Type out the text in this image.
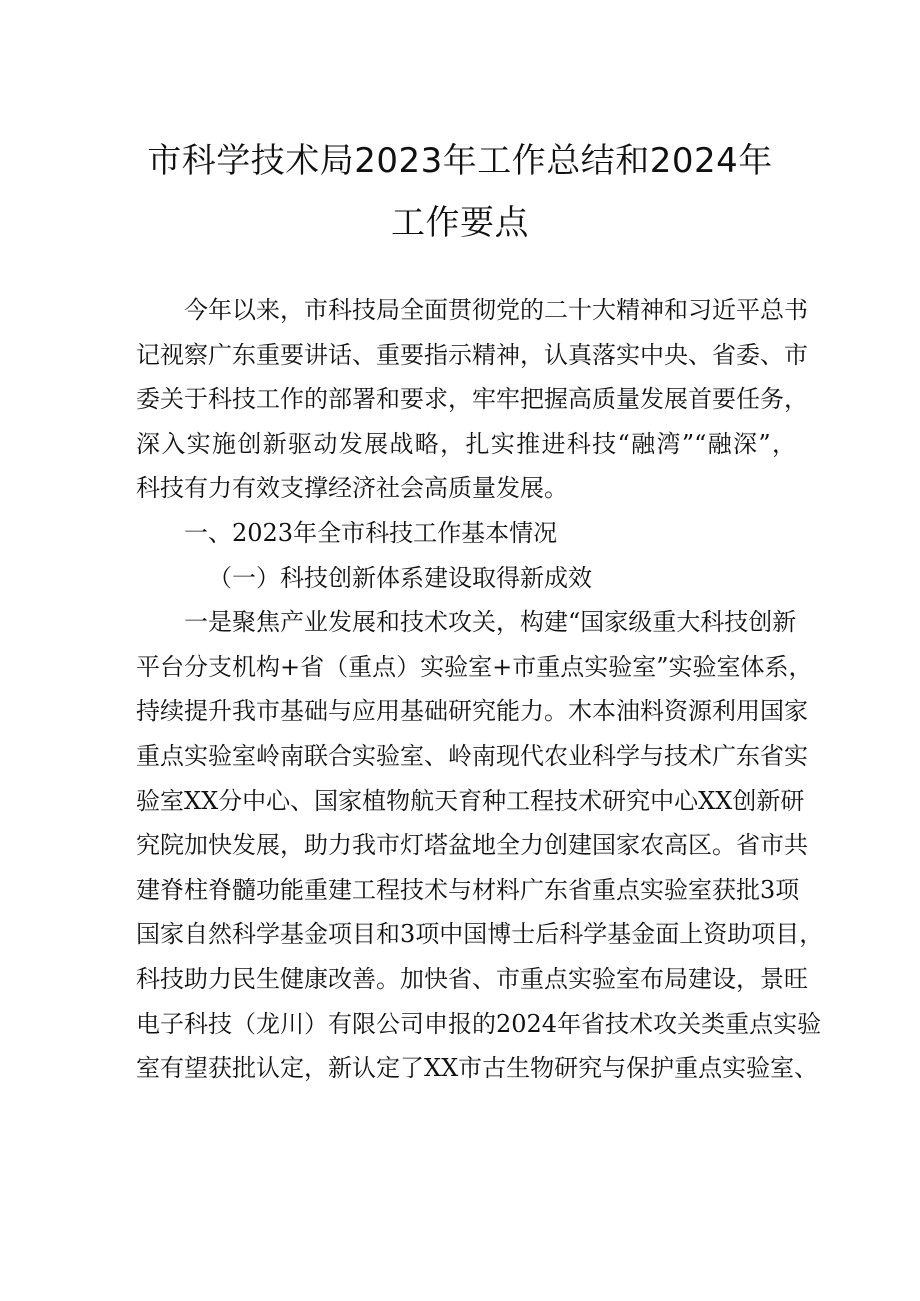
市科学技术局2023年工作总结和2024年
工作要点
今年以来，市科技局全面贯彻党的二十大精神和习近平总书
记视察广东重要讲话、重要指示精神，认真落实中央、省委、市
委关于科技工作的部署和要求，牢牢把握高质量发展首要任务，
深入实施创新驱动发展战略，扎实推进科技“融湾”“融深”，
科技有力有效支撑经济社会高质量发展。
一、2023年全市科技工作基本情况
（一）科技创新体系建设取得新成效
一是聚焦产业发展和技术攻关，构建“国家级重大科技创新
平台分支机构+省（重点）实验室+市重点实验室”实验室体系，
持续提升我市基础与应用基础研究能力。木本油料资源利用国家
重点实验室岭南联合实验室、岭南现代农业科学与技术广东省实
验室XX分中心、国家植物航天育种工程技术研究中心XX创新研
究院加快发展，助力我市灯塔盆地全力创建国家农高区。省市共
建脊柱脊髓功能重建工程技术与材料广东省重点实验室获批3项
国家自然科学基金项目和3项中国博士后科学基金面上资助项目，
科技助力民生健康改善。加快省、市重点实验室布局建设，景旺
电子科技（龙川）有限公司申报的2024年省技术攻关类重点实验
室有望获批认定，新认定了XX市古生物研究与保护重点实验室、
